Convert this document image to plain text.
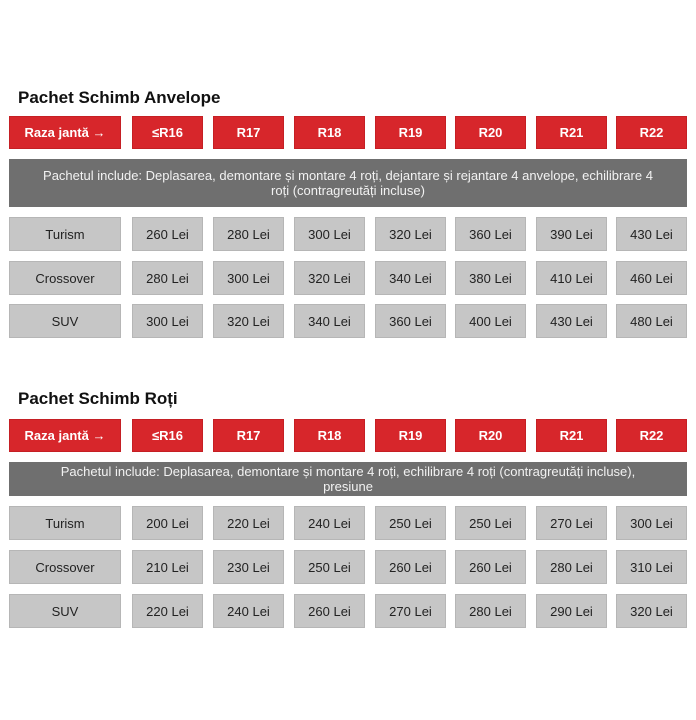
Pachet Schimb Anvelope
Raza jantă →	≤R16	R17	R18	R19	R20	R21	R22
Pachetul include: Deplasarea, demontare și montare 4 roți, dejantare și rejantare 4 anvelope, echilibrare 4 roți (contragreutăți incluse)
Turism	260 Lei	280 Lei	300 Lei	320 Lei	360 Lei	390 Lei	430 Lei
Crossover	280 Lei	300 Lei	320 Lei	340 Lei	380 Lei	410 Lei	460 Lei
SUV	300 Lei	320 Lei	340 Lei	360 Lei	400 Lei	430 Lei	480 Lei
Pachet Schimb Roți
Raza jantă →	≤R16	R17	R18	R19	R20	R21	R22
Pachetul include: Deplasarea, demontare și montare 4 roți, echilibrare 4 roți (contragreutăți incluse), presiune
Turism	200 Lei	220 Lei	240 Lei	250 Lei	250 Lei	270 Lei	300 Lei
Crossover	210 Lei	230 Lei	250 Lei	260 Lei	260 Lei	280 Lei	310 Lei
SUV	220 Lei	240 Lei	260 Lei	270 Lei	280 Lei	290 Lei	320 Lei
